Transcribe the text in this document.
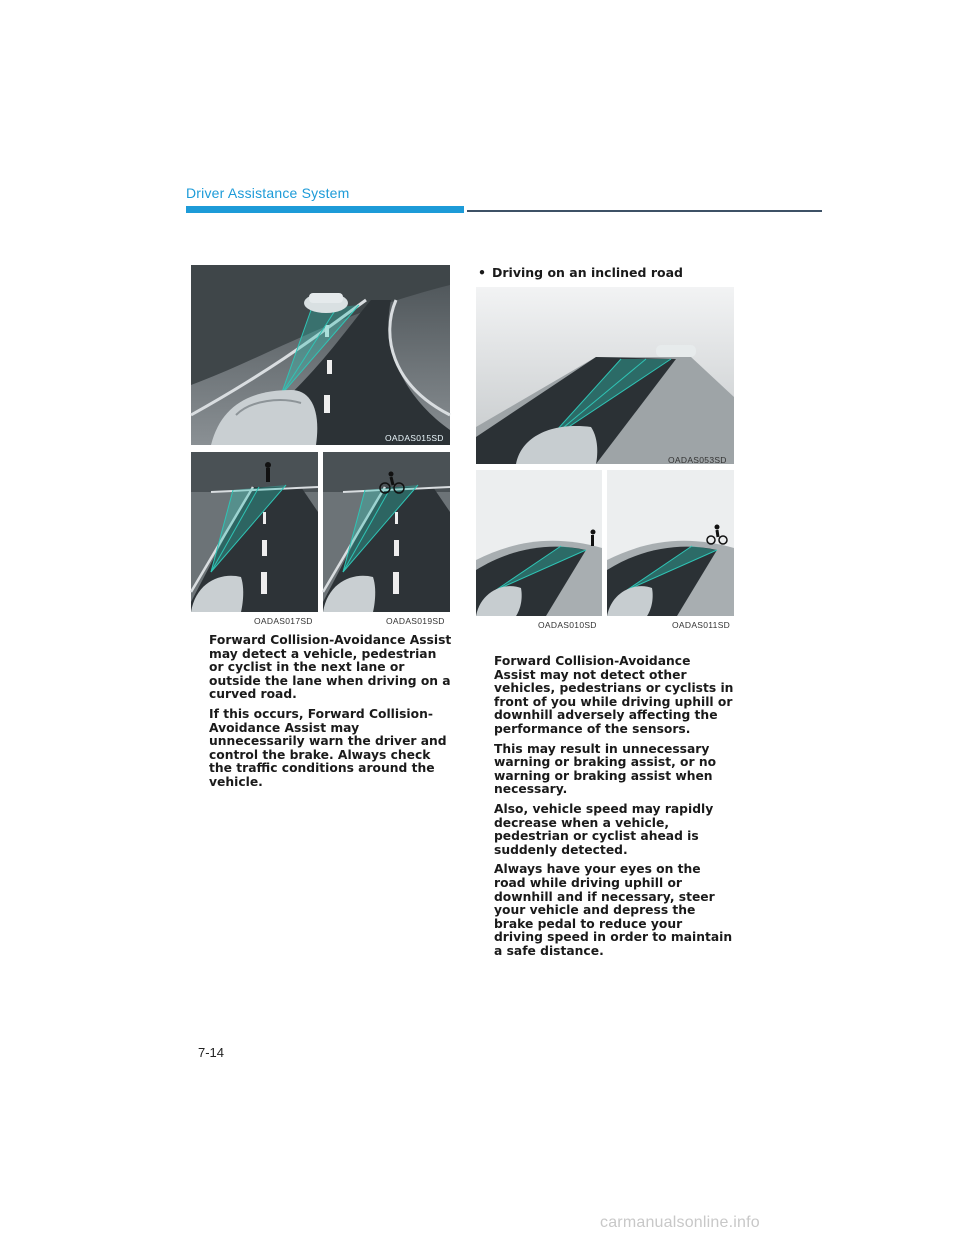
Driver Assistance System
OADAS015SD
OADAS017SD	OADAS019SD

Forward Collision-Avoidance Assist may detect a vehicle, pedestrian or cyclist in the next lane or outside the lane when driving on a curved road.

If this occurs, Forward Collision-Avoidance Assist may unnecessarily warn the driver and control the brake. Always check the traffic conditions around the vehicle.

• Driving on an inclined road
OADAS053SD
OADAS010SD	OADAS011SD

Forward Collision-Avoidance Assist may not detect other vehicles, pedestrians or cyclists in front of you while driving uphill or downhill adversely affecting the performance of the sensors.

This may result in unnecessary warning or braking assist, or no warning or braking assist when necessary.

Also, vehicle speed may rapidly decrease when a vehicle, pedestrian or cyclist ahead is suddenly detected.

Always have your eyes on the road while driving uphill or downhill and if necessary, steer your vehicle and depress the brake pedal to reduce your driving speed in order to maintain a safe distance.

7-14
carmanualsonline.info
